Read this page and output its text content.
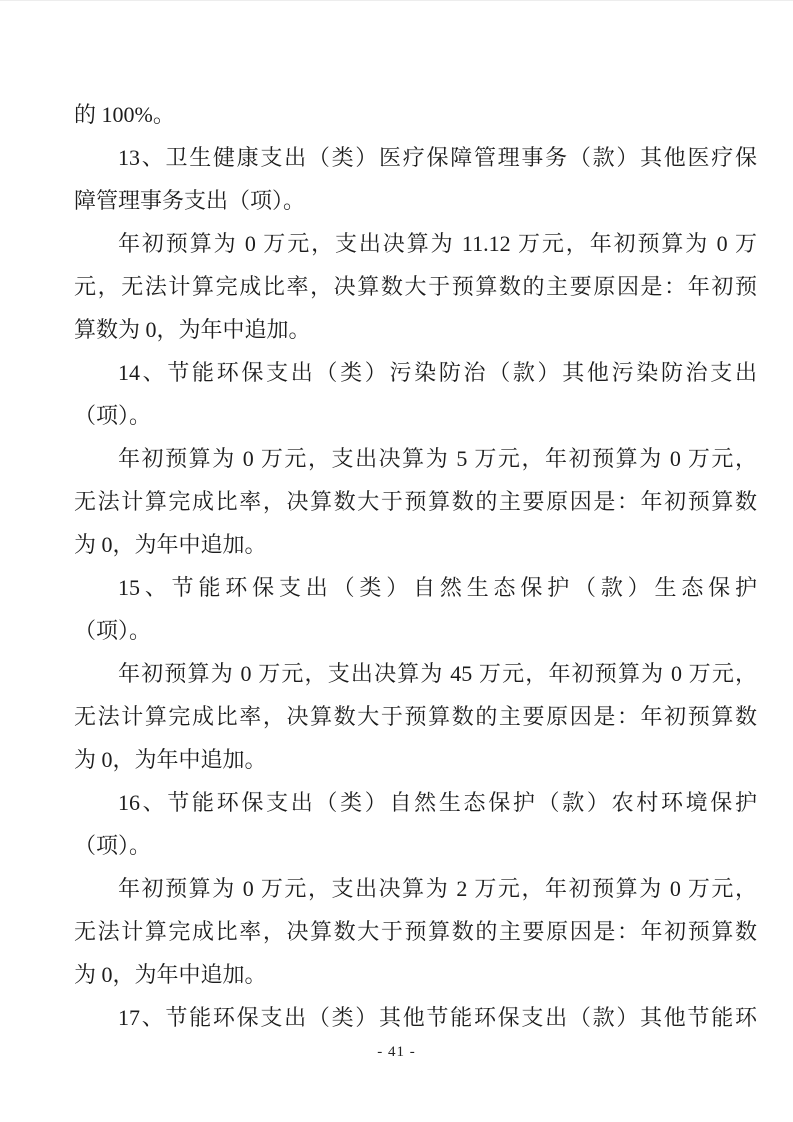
的 100%。
13、卫生健康支出（类）医疗保障管理事务（款）其他医疗保
障管理事务支出（项）。
年初预算为 0 万元，支出决算为 11.12 万元，年初预算为 0 万
元，无法计算完成比率，决算数大于预算数的主要原因是：年初预
算数为 0，为年中追加。
14、节能环保支出（类）污染防治（款）其他污染防治支出
（项）。
年初预算为 0 万元，支出决算为 5 万元，年初预算为 0 万元，
无法计算完成比率，决算数大于预算数的主要原因是：年初预算数
为 0，为年中追加。
15、节能环保支出（类）自然生态保护（款）生态保护
（项）。
年初预算为 0 万元，支出决算为 45 万元，年初预算为 0 万元，
无法计算完成比率，决算数大于预算数的主要原因是：年初预算数
为 0，为年中追加。
16、节能环保支出（类）自然生态保护（款）农村环境保护
（项）。
年初预算为 0 万元，支出决算为 2 万元，年初预算为 0 万元，
无法计算完成比率，决算数大于预算数的主要原因是：年初预算数
为 0，为年中追加。
17、节能环保支出（类）其他节能环保支出（款）其他节能环
- 41 -
